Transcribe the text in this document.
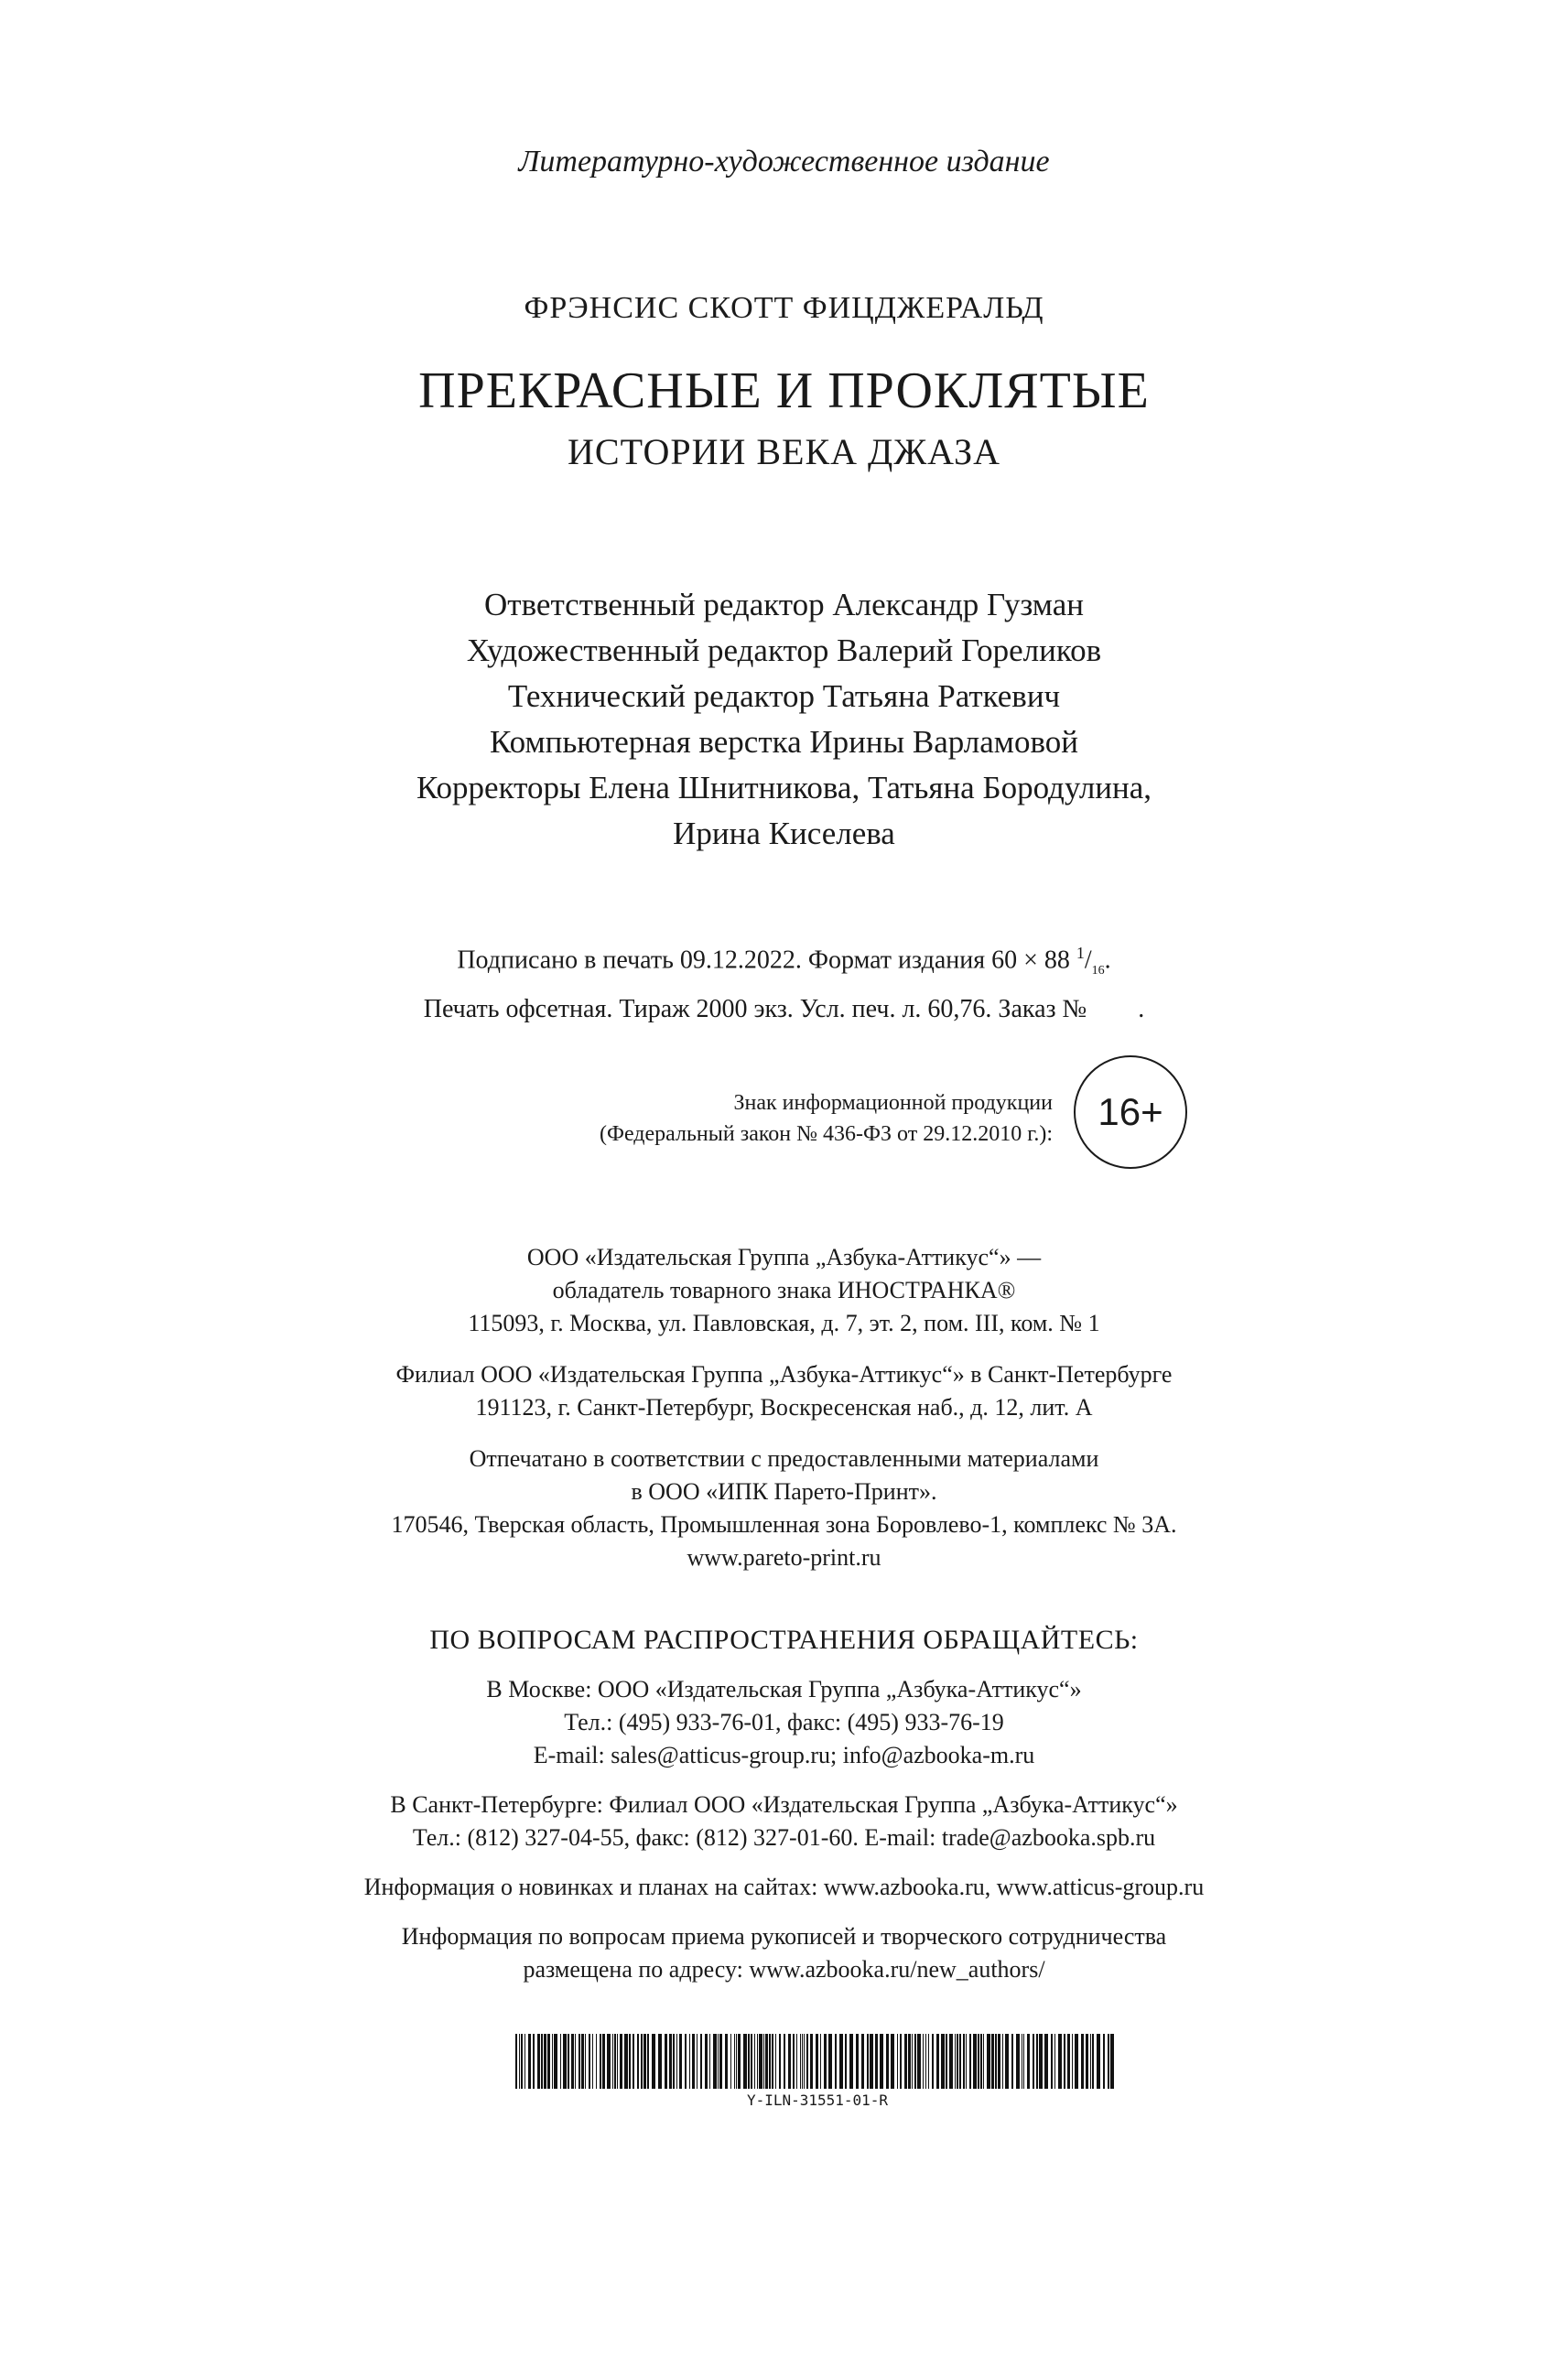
Литературно-художественное издание
ФРЭНСИС СКОТТ ФИЦДЖЕРАЛЬД
ПРЕКРАСНЫЕ И ПРОКЛЯТЫЕ
ИСТОРИИ ВЕКА ДЖАЗА
Ответственный редактор Александр Гузман
Художественный редактор Валерий Гореликов
Технический редактор Татьяна Раткевич
Компьютерная верстка Ирины Варламовой
Корректоры Елена Шнитникова, Татьяна Бородулина,
Ирина Киселева
Подписано в печать 09.12.2022. Формат издания 60 × 88 $^1/_{16}$.
Печать офсетная. Тираж 2000 экз. Усл. печ. л. 60,76. Заказ №        .
Знак информационной продукции
(Федеральный закон № 436-ФЗ от 29.12.2010 г.):
16+
ООО «Издательская Группа „Азбука-Аттикус“» —
обладатель товарного знака ИНОСТРАНКА®
115093, г. Москва, ул. Павловская, д. 7, эт. 2, пом. III, ком. № 1
Филиал ООО «Издательская Группа „Азбука-Аттикус“» в Санкт-Петербурге
191123, г. Санкт-Петербург, Воскресенская наб., д. 12, лит. А
Отпечатано в соответствии с предоставленными материалами
в ООО «ИПК Парето-Принт».
170546, Тверская область, Промышленная зона Боровлево-1, комплекс № 3А.
www.pareto-print.ru
ПО ВОПРОСАМ РАСПРОСТРАНЕНИЯ ОБРАЩАЙТЕСЬ:
В Москве: ООО «Издательская Группа „Азбука-Аттикус“»
Тел.: (495) 933-76-01, факс: (495) 933-76-19
E-mail: sales@atticus-group.ru; info@azbooka-m.ru
В Санкт-Петербурге: Филиал ООО «Издательская Группа „Азбука-Аттикус“»
Тел.: (812) 327-04-55, факс: (812) 327-01-60. E-mail: trade@azbooka.spb.ru
Информация о новинках и планах на сайтах: www.azbooka.ru, www.atticus-group.ru
Информация по вопросам приема рукописей и творческого сотрудничества
размещена по адресу: www.azbooka.ru/new_authors/
Y-ILN-31551-01-R
